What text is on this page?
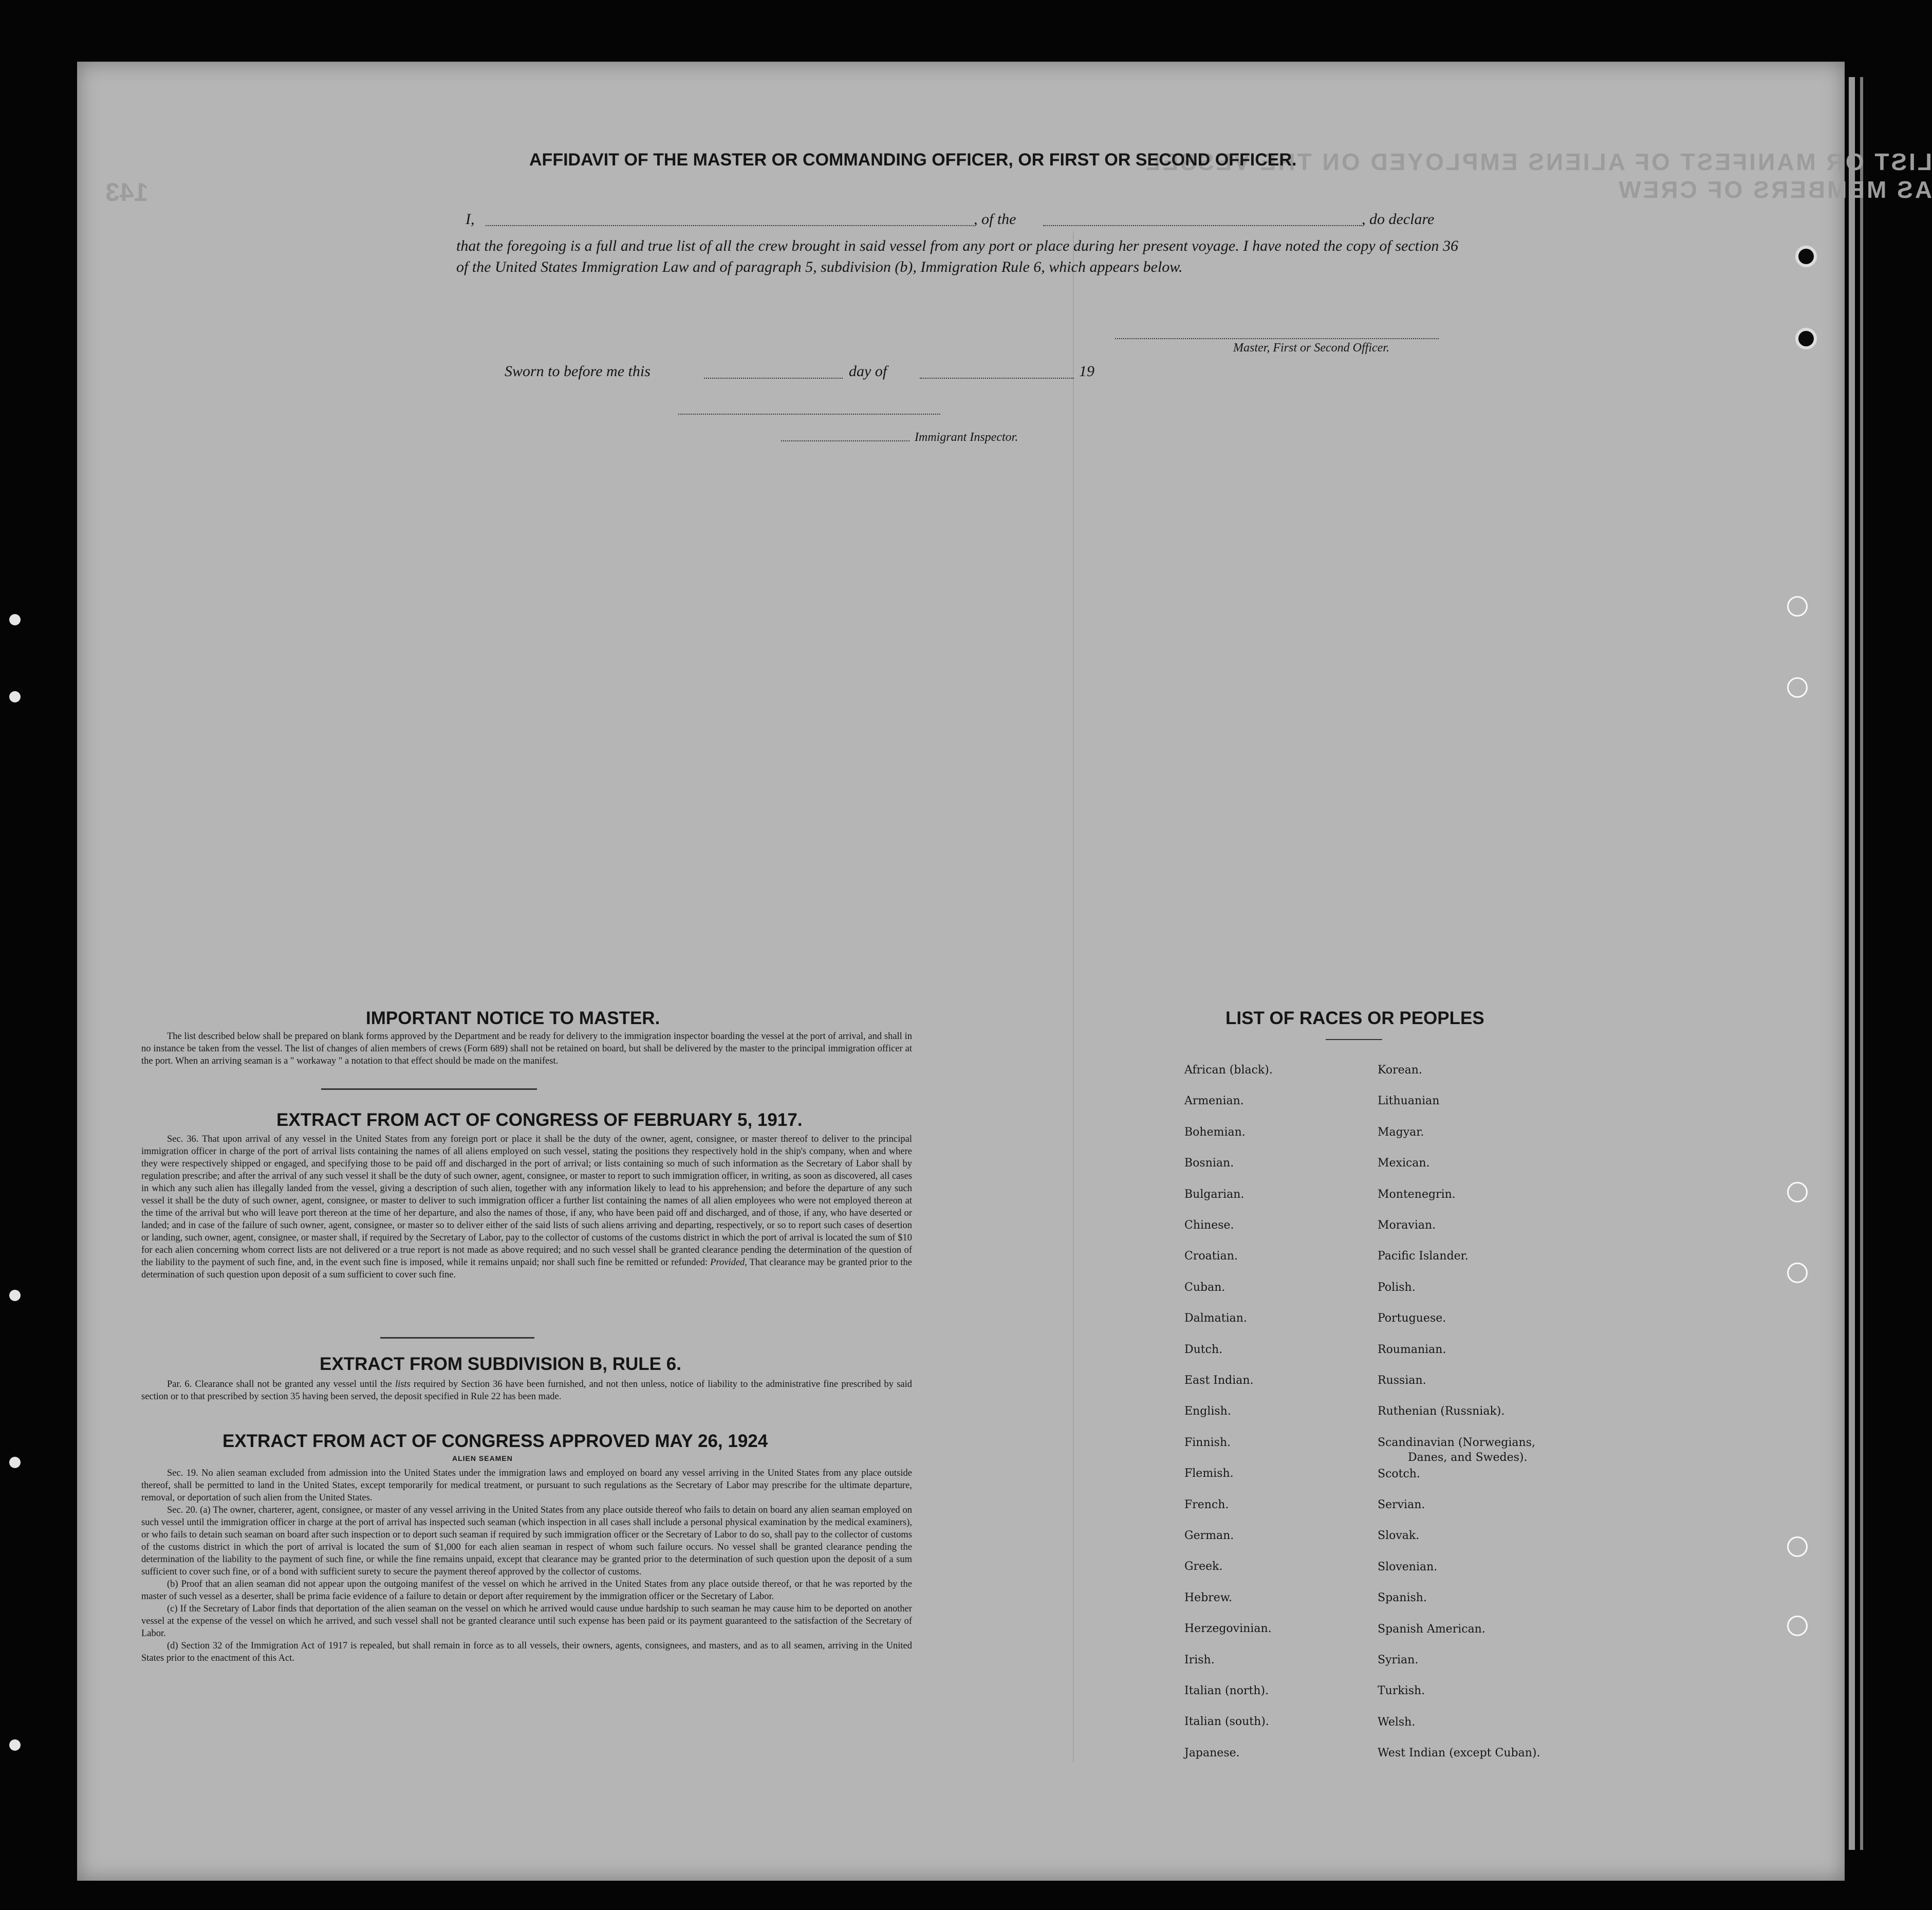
LIST OR MANIFEST OF ALIENS EMPLOYED ON THE VESSEL AS MEMBERS OF CREW
143
AFFIDAVIT OF THE MASTER OR COMMANDING OFFICER, OR FIRST OR SECOND OFFICER.
I,	, of the	, do declare
that the foregoing is a full and true list of all the crew brought in said vessel from any port or place during her present voyage. I have noted the copy of section 36 of the United States Immigration Law and of paragraph 5, subdivision (b), Immigration Rule 6, which appears below.
Master, First or Second Officer.
Sworn to before me this	day of	19
Immigrant Inspector.
IMPORTANT NOTICE TO MASTER.
The list described below shall be prepared on blank forms approved by the Department and be ready for delivery to the immigration inspector boarding the vessel at the port of arrival, and shall in no instance be taken from the vessel. The list of changes of alien members of crews (Form 689) shall not be retained on board, but shall be delivered by the master to the principal immigration officer at the port. When an arriving seaman is a " workaway " a notation to that effect should be made on the manifest.
EXTRACT FROM ACT OF CONGRESS OF FEBRUARY 5, 1917.
Sec. 36. That upon arrival of any vessel in the United States from any foreign port or place it shall be the duty of the owner, agent, consignee, or master thereof to deliver to the principal immigration officer in charge of the port of arrival lists containing the names of all aliens employed on such vessel, stating the positions they respectively hold in the ship's company, when and where they were respectively shipped or engaged, and specifying those to be paid off and discharged in the port of arrival; or lists containing so much of such information as the Secretary of Labor shall by regulation prescribe; and after the arrival of any such vessel it shall be the duty of such owner, agent, consignee, or master to report to such immigration officer, in writing, as soon as discovered, all cases in which any such alien has illegally landed from the vessel, giving a description of such alien, together with any information likely to lead to his apprehension; and before the departure of any such vessel it shall be the duty of such owner, agent, consignee, or master to deliver to such immigration officer a further list containing the names of all alien employees who were not employed thereon at the time of the arrival but who will leave port thereon at the time of her departure, and also the names of those, if any, who have been paid off and discharged, and of those, if any, who have deserted or landed; and in case of the failure of such owner, agent, consignee, or master so to deliver either of the said lists of such aliens arriving and departing, respectively, or so to report such cases of desertion or landing, such owner, agent, consignee, or master shall, if required by the Secretary of Labor, pay to the collector of customs of the customs district in which the port of arrival is located the sum of $10 for each alien concerning whom correct lists are not delivered or a true report is not made as above required; and no such vessel shall be granted clearance pending the determination of the question of the liability to the payment of such fine, and, in the event such fine is imposed, while it remains unpaid; nor shall such fine be remitted or refunded: Provided, That clearance may be granted prior to the determination of such question upon deposit of a sum sufficient to cover such fine.
EXTRACT FROM SUBDIVISION B, RULE 6.
Par. 6. Clearance shall not be granted any vessel until the lists required by Section 36 have been furnished, and not then unless, notice of liability to the administrative fine prescribed by said section or to that prescribed by section 35 having been served, the deposit specified in Rule 22 has been made.
EXTRACT FROM ACT OF CONGRESS APPROVED MAY 26, 1924
ALIEN SEAMEN
Sec. 19. No alien seaman excluded from admission into the United States under the immigration laws and employed on board any vessel arriving in the United States from any place outside thereof, shall be permitted to land in the United States, except temporarily for medical treatment, or pursuant to such regulations as the Secretary of Labor may prescribe for the ultimate departure, removal, or deportation of such alien from the United States.
Sec. 20. (a) The owner, charterer, agent, consignee, or master of any vessel arriving in the United States from any place outside thereof who fails to detain on board any alien seaman employed on such vessel until the immigration officer in charge at the port of arrival has inspected such seaman (which inspection in all cases shall include a personal physical examination by the medical examiners), or who fails to detain such seaman on board after such inspection or to deport such seaman if required by such immigration officer or the Secretary of Labor to do so, shall pay to the collector of customs of the customs district in which the port of arrival is located the sum of $1,000 for each alien seaman in respect of whom such failure occurs. No vessel shall be granted clearance pending the determination of the liability to the payment of such fine, or while the fine remains unpaid, except that clearance may be granted prior to the determination of such question upon the deposit of a sum sufficient to cover such fine, or of a bond with sufficient surety to secure the payment thereof approved by the collector of customs.
(b) Proof that an alien seaman did not appear upon the outgoing manifest of the vessel on which he arrived in the United States from any place outside thereof, or that he was reported by the master of such vessel as a deserter, shall be prima facie evidence of a failure to detain or deport after requirement by the immigration officer or the Secretary of Labor.
(c) If the Secretary of Labor finds that deportation of the alien seaman on the vessel on which he arrived would cause undue hardship to such seaman he may cause him to be deported on another vessel at the expense of the vessel on which he arrived, and such vessel shall not be granted clearance until such expense has been paid or its payment guaranteed to the satisfaction of the Secretary of Labor.
(d) Section 32 of the Immigration Act of 1917 is repealed, but shall remain in force as to all vessels, their owners, agents, consignees, and masters, and as to all seamen, arriving in the United States prior to the enactment of this Act.
LIST OF RACES OR PEOPLES
African (black).
Armenian.
Bohemian.
Bosnian.
Bulgarian.
Chinese.
Croatian.
Cuban.
Dalmatian.
Dutch.
East Indian.
English.
Finnish.
Flemish.
French.
German.
Greek.
Hebrew.
Herzegovinian.
Irish.
Italian (north).
Italian (south).
Japanese.
Korean.
Lithuanian
Magyar.
Mexican.
Montenegrin.
Moravian.
Pacific Islander.
Polish.
Portuguese.
Roumanian.
Russian.
Ruthenian (Russniak).
Scandinavian (Norwegians,
Danes, and Swedes).
Scotch.
Servian.
Slovak.
Slovenian.
Spanish.
Spanish American.
Syrian.
Turkish.
Welsh.
West Indian (except Cuban).
